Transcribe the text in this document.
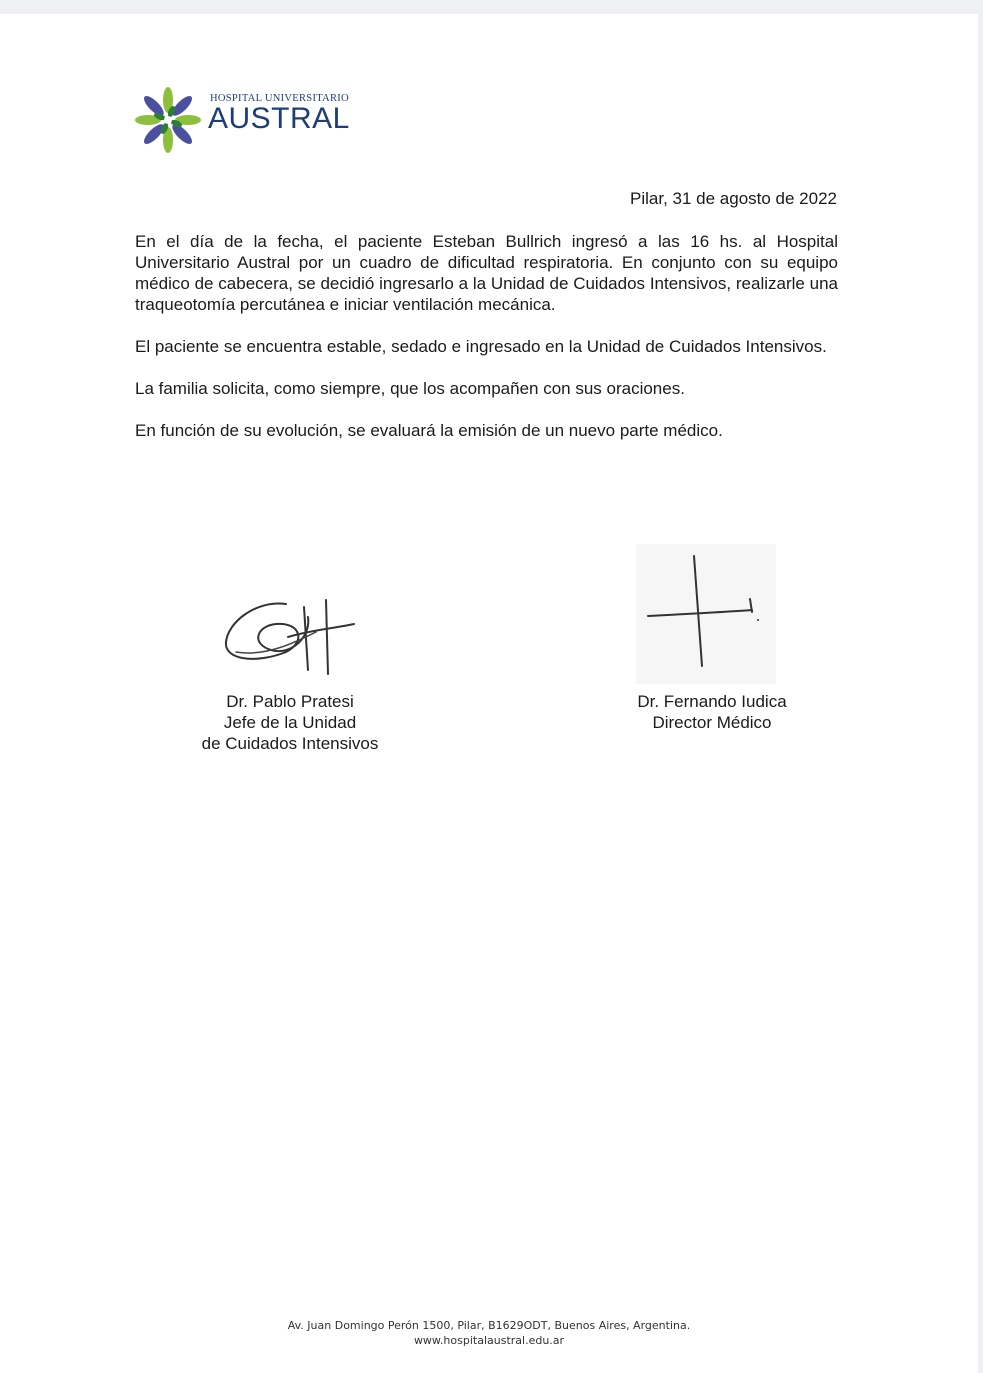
HOSPITAL UNIVERSITARIO
AUSTRAL
Pilar, 31 de agosto de 2022

En el día de la fecha, el paciente Esteban Bullrich ingresó a las 16 hs. al Hospital Universitario Austral por un cuadro de dificultad respiratoria. En conjunto con su equipo médico de cabecera, se decidió ingresarlo a la Unidad de Cuidados Intensivos, realizarle una traqueotomía percutánea e iniciar ventilación mecánica.

El paciente se encuentra estable, sedado e ingresado en la Unidad de Cuidados Intensivos.

La familia solicita, como siempre, que los acompañen con sus oraciones.

En función de su evolución, se evaluará la emisión de un nuevo parte médico.

Dr. Pablo Pratesi
Jefe de la Unidad
de Cuidados Intensivos
Dr. Fernando Iudica
Director Médico
Av. Juan Domingo Perón 1500, Pilar, B1629ODT, Buenos Aires, Argentina.
www.hospitalaustral.edu.ar
